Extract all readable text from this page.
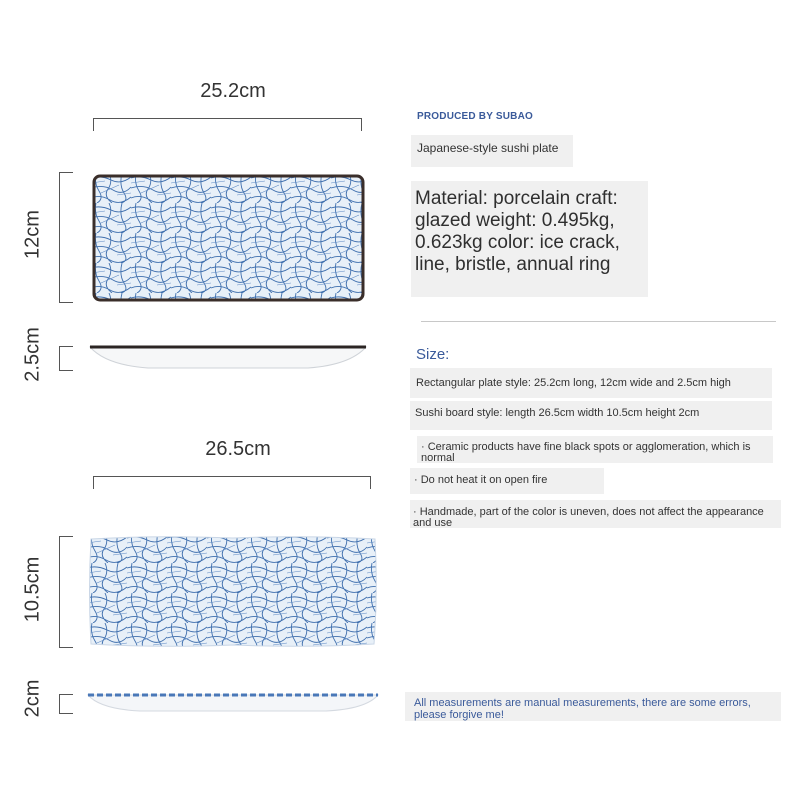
25.2cm
12cm
2.5cm
26.5cm
10.5cm
2cm
PRODUCED BY SUBAO
Japanese-style sushi plate
Material: porcelain craft: glazed weight: 0.495kg, 0.623kg color: ice crack, line, bristle, annual ring
Size:
Rectangular plate style: 25.2cm long, 12cm wide and 2.5cm high
Sushi board style: length 26.5cm width 10.5cm height 2cm
· Ceramic products have fine black spots or agglomeration, which is normal
· Do not heat it on open fire
· Handmade, part of the color is uneven, does not affect the appearance and use
All measurements are manual measurements, there are some errors, please forgive me!
